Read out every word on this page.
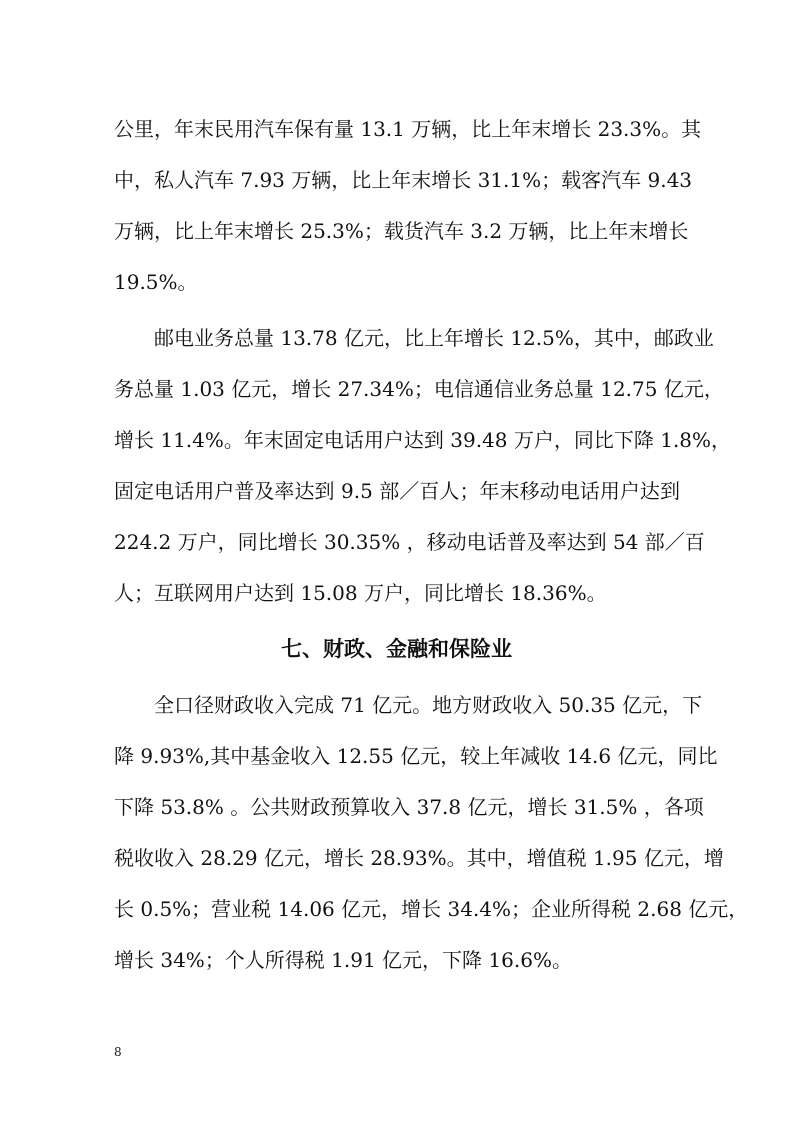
公里，年末民用汽车保有量 13.1 万辆，比上年末增长 23.3%。其
中，私人汽车 7.93 万辆，比上年末增长 31.1%；载客汽车 9.43
万辆，比上年末增长 25.3%；载货汽车 3.2 万辆，比上年末增长
19.5%。
邮电业务总量 13.78 亿元，比上年增长 12.5%，其中，邮政业
务总量 1.03 亿元，增长 27.34%；电信通信业务总量 12.75 亿元，
增长 11.4%。年末固定电话用户达到 39.48 万户，同比下降 1.8%，
固定电话用户普及率达到 9.5 部／百人；年末移动电话用户达到
224.2 万户，同比增长 30.35% ，移动电话普及率达到 54 部／百
人；互联网用户达到 15.08 万户，同比增长 18.36%。
七、财政、金融和保险业
全口径财政收入完成 71 亿元。地方财政收入 50.35 亿元，下
降 9.93%,其中基金收入 12.55 亿元，较上年减收 14.6 亿元，同比
下降 53.8% 。公共财政预算收入 37.8 亿元，增长 31.5% ，各项
税收收入 28.29 亿元，增长 28.93%。其中，增值税 1.95 亿元，增
长 0.5%；营业税 14.06 亿元，增长 34.4%；企业所得税 2.68 亿元，
增长 34%；个人所得税 1.91 亿元，下降 16.6%。
8
